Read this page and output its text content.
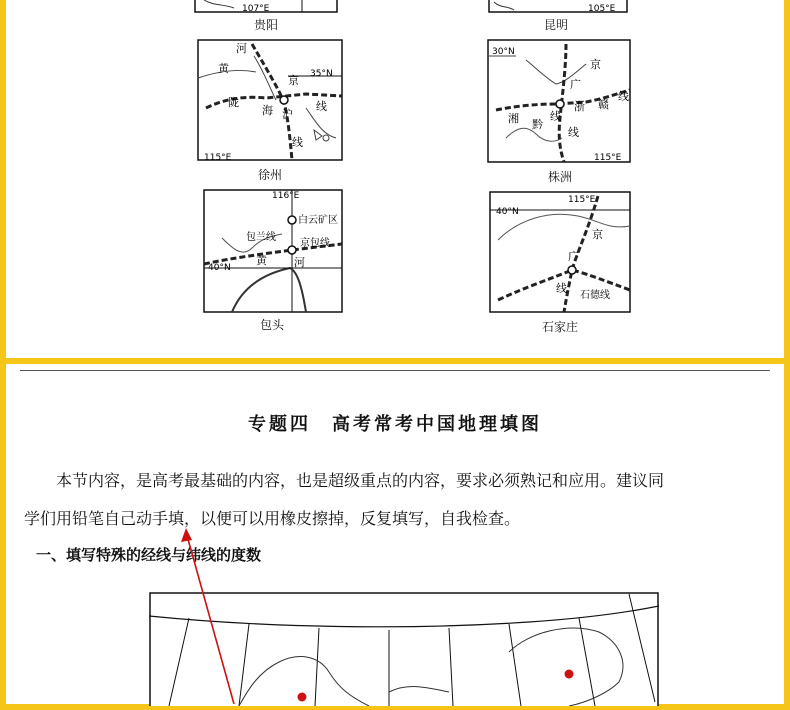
107°E
贵阳
105°E
昆明
河
黄
京 35°N
陇
海 沪
线
线
115°E
徐州
30°N
京
广
浙 赣
线
湘 黔
线
线
115°E
株洲
116°E
白云矿区
包兰线
京包线
40°N
黄 河
包头
40°N
115°E
京
广
线
石德线
石家庄
专题四　高考常考中国地理填图
本节内容，是高考最基础的内容，也是超级重点的内容，要求必须熟记和应用。建议同
学们用铅笔自己动手填，以便可以用橡皮擦掉，反复填写，自我检查。
一、填写特殊的经线与纬线的度数
